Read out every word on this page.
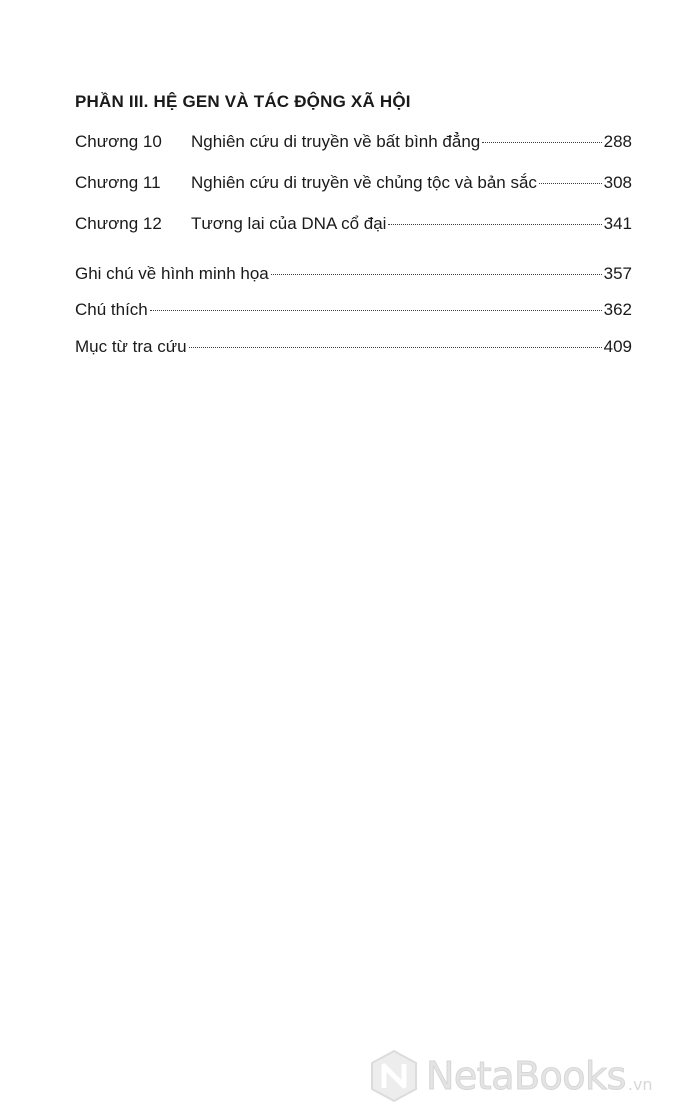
PHẦN III. HỆ GEN VÀ TÁC ĐỘNG XÃ HỘI
Chương 10	Nghiên cứu di truyền về bất bình đẳng	288
Chương 11	Nghiên cứu di truyền về chủng tộc và bản sắc	308
Chương 12	Tương lai của DNA cổ đại	341
Ghi chú về hình minh họa	357
Chú thích	362
Mục từ tra cứu	409
NetaBooks .vn
